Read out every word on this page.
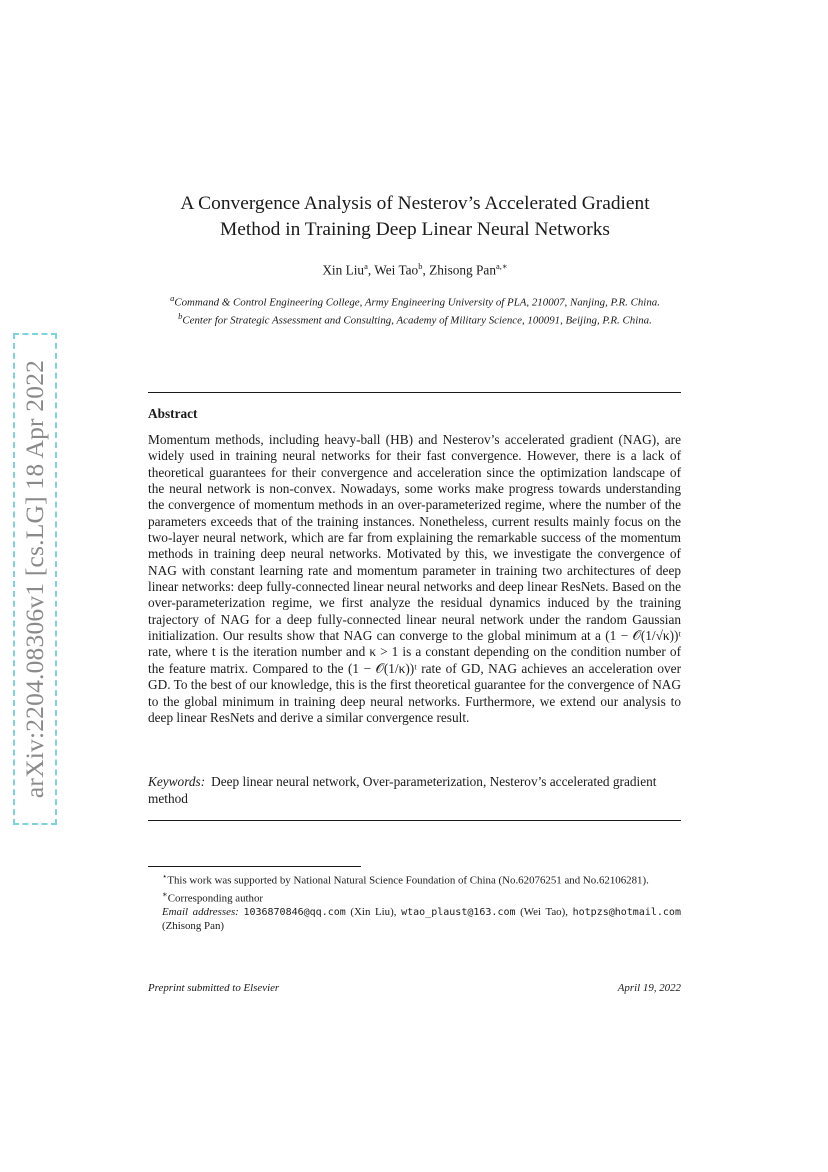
arXiv:2204.08306v1 [cs.LG] 18 Apr 2022
A Convergence Analysis of Nesterov’s Accelerated Gradient
Method in Training Deep Linear Neural Networks
Xin Liu$^a$, Wei Tao$^b$, Zhisong Pan$^{a,∗}$

$^a$Command & Control Engineering College, Army Engineering University of PLA, 210007, Nanjing, P.R. China.

$^b$Center for Strategic Assessment and Consulting, Academy of Military Science, 100091, Beijing, P.R. China.

Abstract

Momentum methods, including heavy-ball (HB) and Nesterov’s accelerated gradient (NAG), are widely used in training neural networks for their fast convergence. However, there is a lack of theoretical guarantees for their convergence and acceleration since the optimization landscape of the neural network is non-convex. Nowadays, some works make progress towards understanding the convergence of momentum methods in an over-parameterized regime, where the number of the parameters exceeds that of the training instances. Nonetheless, current results mainly focus on the two-layer neural network, which are far from explaining the remarkable success of the momentum methods in training deep neural networks. Motivated by this, we investigate the convergence of NAG with constant learning rate and momentum parameter in training two architectures of deep linear networks: deep fully-connected linear neural networks and deep linear ResNets. Based on the over-parameterization regime, we first analyze the residual dynamics induced by the training trajectory of NAG for a deep fully-connected linear neural network under the random Gaussian initialization. Our results show that NAG can converge to the global minimum at a (1 − 𝒪(1/√κ))ᵗ rate, where t is the iteration number and κ > 1 is a constant depending on the condition number of the feature matrix. Compared to the (1 − 𝒪(1/κ))ᵗ rate of GD, NAG achieves an acceleration over GD. To the best of our knowledge, this is the first theoretical guarantee for the convergence of NAG to the global minimum in training deep neural networks. Furthermore, we extend our analysis to deep linear ResNets and derive a similar convergence result.

Keywords: Deep linear neural network, Over-parameterization, Nesterov’s accelerated gradient method

⋆This work was supported by National Natural Science Foundation of China (No.62076251 and No.62106281).

∗Corresponding author

Email addresses: 1036870846@qq.com (Xin Liu), wtao_plaust@163.com (Wei Tao), hotpzs@hotmail.com (Zhisong Pan)

Preprint submitted to Elsevier	April 19, 2022
